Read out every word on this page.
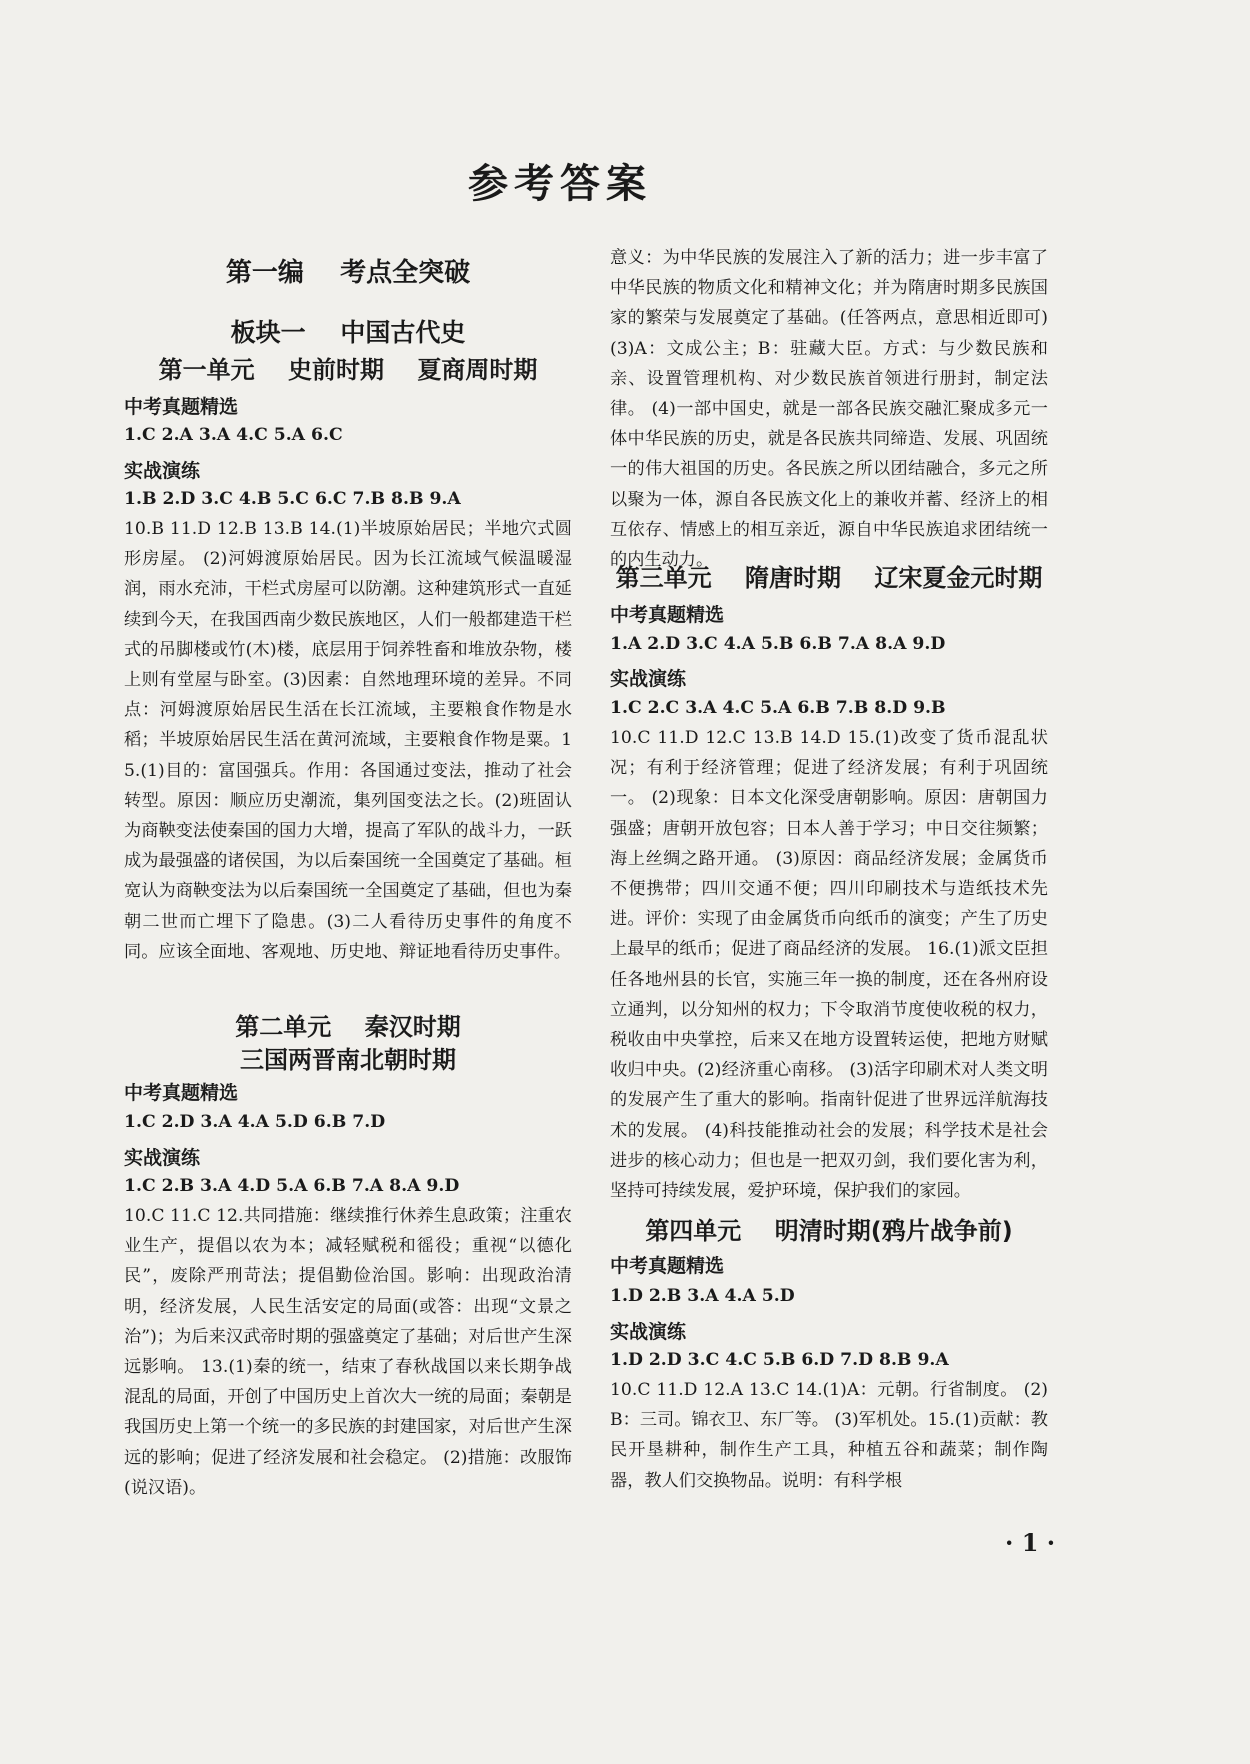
参考答案
第一编    考点全突破
板块一    中国古代史
第一单元    史前时期    夏商周时期
中考真题精选
1.C 2.A 3.A 4.C 5.A 6.C
实战演练
1.B 2.D 3.C 4.B 5.C 6.C 7.B 8.B 9.A
10.B 11.D 12.B 13.B 14.(1)半坡原始居民；半地穴式圆形房屋。 (2)河姆渡原始居民。因为长江流域气候温暖湿润，雨水充沛，干栏式房屋可以防潮。这种建筑形式一直延续到今天，在我国西南少数民族地区，人们一般都建造干栏式的吊脚楼或竹(木)楼，底层用于饲养牲畜和堆放杂物，楼上则有堂屋与卧室。(3)因素：自然地理环境的差异。不同点：河姆渡原始居民生活在长江流域，主要粮食作物是水稻；半坡原始居民生活在黄河流域，主要粮食作物是粟。15.(1)目的：富国强兵。作用：各国通过变法，推动了社会转型。原因：顺应历史潮流，集列国变法之长。(2)班固认为商鞅变法使秦国的国力大增，提高了军队的战斗力，一跃成为最强盛的诸侯国，为以后秦国统一全国奠定了基础。桓宽认为商鞅变法为以后秦国统一全国奠定了基础，但也为秦朝二世而亡埋下了隐患。(3)二人看待历史事件的角度不同。应该全面地、客观地、历史地、辩证地看待历史事件。
第二单元    秦汉时期
三国两晋南北朝时期
中考真题精选
1.C 2.D 3.A 4.A 5.D 6.B 7.D
实战演练
1.C 2.B 3.A 4.D 5.A 6.B 7.A 8.A 9.D
10.C 11.C 12.共同措施：继续推行休养生息政策；注重农业生产，提倡以农为本；减轻赋税和徭役；重视“以德化民”，废除严刑苛法；提倡勤俭治国。影响：出现政治清明，经济发展，人民生活安定的局面(或答：出现“文景之治”)；为后来汉武帝时期的强盛奠定了基础；对后世产生深远影响。 13.(1)秦的统一，结束了春秋战国以来长期争战混乱的局面，开创了中国历史上首次大一统的局面；秦朝是我国历史上第一个统一的多民族的封建国家，对后世产生深远的影响；促进了经济发展和社会稳定。 (2)措施：改服饰(说汉语)。
意义：为中华民族的发展注入了新的活力；进一步丰富了中华民族的物质文化和精神文化；并为隋唐时期多民族国家的繁荣与发展奠定了基础。(任答两点，意思相近即可) (3)A：文成公主；B：驻藏大臣。方式：与少数民族和亲、设置管理机构、对少数民族首领进行册封，制定法律。 (4)一部中国史，就是一部各民族交融汇聚成多元一体中华民族的历史，就是各民族共同缔造、发展、巩固统一的伟大祖国的历史。各民族之所以团结融合，多元之所以聚为一体，源自各民族文化上的兼收并蓄、经济上的相互依存、情感上的相互亲近，源自中华民族追求团结统一的内生动力。
第三单元    隋唐时期    辽宋夏金元时期
中考真题精选
1.A 2.D 3.C 4.A 5.B 6.B 7.A 8.A 9.D
实战演练
1.C 2.C 3.A 4.C 5.A 6.B 7.B 8.D 9.B
10.C 11.D 12.C 13.B 14.D 15.(1)改变了货币混乱状况；有利于经济管理；促进了经济发展；有利于巩固统一。 (2)现象：日本文化深受唐朝影响。原因：唐朝国力强盛；唐朝开放包容；日本人善于学习；中日交往频繁；海上丝绸之路开通。 (3)原因：商品经济发展；金属货币不便携带；四川交通不便；四川印刷技术与造纸技术先进。评价：实现了由金属货币向纸币的演变；产生了历史上最早的纸币；促进了商品经济的发展。 16.(1)派文臣担任各地州县的长官，实施三年一换的制度，还在各州府设立通判，以分知州的权力；下令取消节度使收税的权力，税收由中央掌控，后来又在地方设置转运使，把地方财赋收归中央。(2)经济重心南移。 (3)活字印刷术对人类文明的发展产生了重大的影响。指南针促进了世界远洋航海技术的发展。 (4)科技能推动社会的发展；科学技术是社会进步的核心动力；但也是一把双刃剑，我们要化害为利，坚持可持续发展，爱护环境，保护我们的家园。
第四单元    明清时期(鸦片战争前)
中考真题精选
1.D 2.B 3.A 4.A 5.D
实战演练
1.D 2.D 3.C 4.C 5.B 6.D 7.D 8.B 9.A
10.C 11.D 12.A 13.C 14.(1)A：元朝。行省制度。 (2)B：三司。锦衣卫、东厂等。 (3)军机处。15.(1)贡献：教民开垦耕种，制作生产工具，种植五谷和蔬菜；制作陶器，教人们交换物品。说明：有科学根
· 1 ·
